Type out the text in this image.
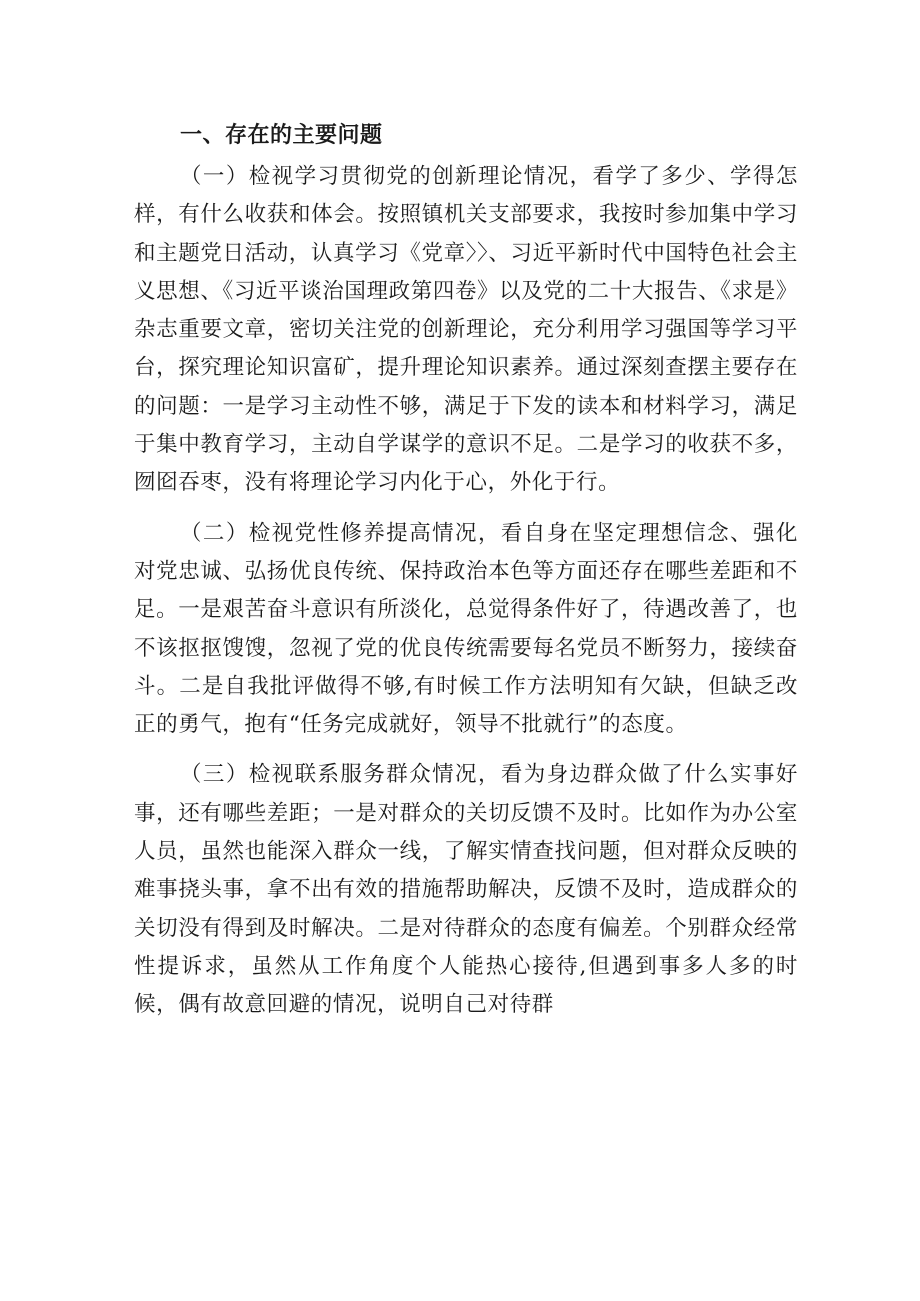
一、存在的主要问题

（一）检视学习贯彻党的创新理论情况，看学了多少、学得怎样，有什么收获和体会。按照镇机关支部要求，我按时参加集中学习和主题党日活动，认真学习《党章〉〉、习近平新时代中国特色社会主义思想、《习近平谈治国理政第四卷》以及党的二十大报告、《求是》杂志重要文章，密切关注党的创新理论，充分利用学习强国等学习平台，探究理论知识富矿，提升理论知识素养。通过深刻查摆主要存在的问题：一是学习主动性不够，满足于下发的读本和材料学习，满足于集中教育学习，主动自学谋学的意识不足。二是学习的收获不多，囫囵吞枣，没有将理论学习内化于心，外化于行。

（二）检视党性修养提高情况，看自身在坚定理想信念、强化对党忠诚、弘扬优良传统、保持政治本色等方面还存在哪些差距和不足。一是艰苦奋斗意识有所淡化，总觉得条件好了，待遇改善了，也不该抠抠馊馊，忽视了党的优良传统需要每名党员不断努力，接续奋斗。二是自我批评做得不够,有时候工作方法明知有欠缺，但缺乏改正的勇气，抱有“任务完成就好，领导不批就行”的态度。

（三）检视联系服务群众情况，看为身边群众做了什么实事好事，还有哪些差距；一是对群众的关切反馈不及时。比如作为办公室人员，虽然也能深入群众一线，了解实情查找问题，但对群众反映的难事挠头事，拿不出有效的措施帮助解决，反馈不及时，造成群众的关切没有得到及时解决。二是对待群众的态度有偏差。个别群众经常性提诉求，虽然从工作角度个人能热心接待,但遇到事多人多的时候，偶有故意回避的情况，说明自己对待群
